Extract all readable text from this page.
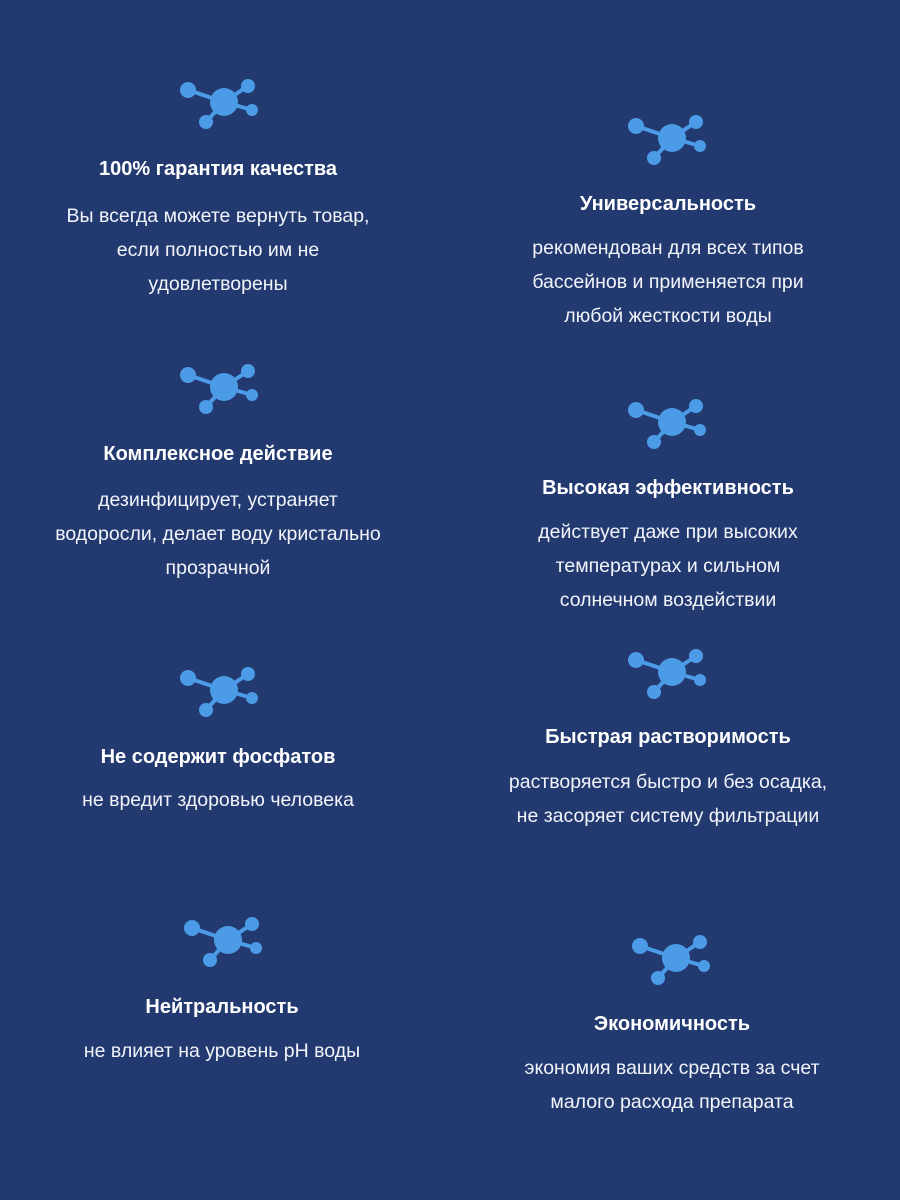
100% гарантия качества
Вы всегда можете вернуть товар,
если полностью им не
удовлетворены
Комплексное действие
дезинфицирует, устраняет
водоросли, делает воду кристально
прозрачной
Не содержит фосфатов
не вредит здоровью человека
Нейтральность
не влияет на уровень pH воды
Универсальность
рекомендован для всех типов
бассейнов и применяется при
любой жесткости воды
Высокая эффективность
действует даже при высоких
температурах и сильном
солнечном воздействии
Быстрая растворимость
растворяется быстро и без осадка,
не засоряет систему фильтрации
Экономичность
экономия ваших средств за счет
малого расхода препарата
